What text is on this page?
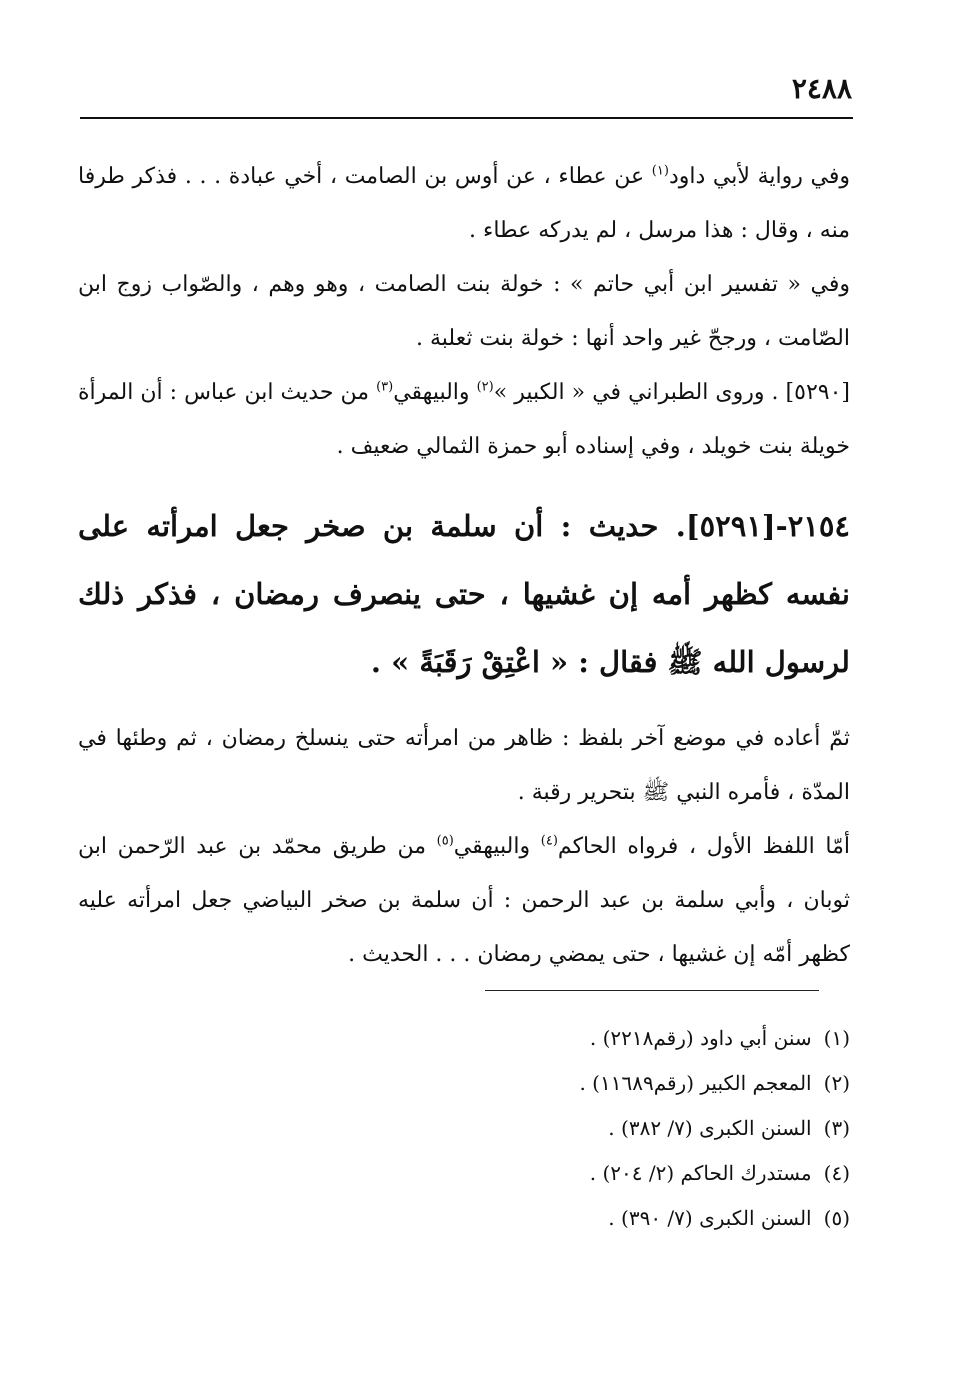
٢٤٨٨

وفي رواية لأبي داود$^{(١)}$ عن عطاء ، عن أوس بن الصامت ، أخي عبادة . . . فذكر طرفا منه ، وقال : هذا مرسل ، لم يدركه عطاء .

وفي « تفسير ابن أبي حاتم » : خولة بنت الصامت ، وهو وهم ، والصّواب زوج ابن الصّامت ، ورجحّ غير واحد أنها : خولة بنت ثعلبة .

[٥٢٩٠] . وروى الطبراني في « الكبير »$^{(٢)}$ والبيهقي$^{(٣)}$ من حديث ابن عباس : أن المرأة خويلة بنت خويلد ، وفي إسناده أبو حمزة الثمالي ضعيف .

٢١٥٤-[٥٢٩١]. حديث : أن سلمة بن صخر جعل امرأته على نفسه كظهر أمه إن غشيها ، حتى ينصرف رمضان ، فذكر ذلك لرسول الله ﷺ فقال : « اعْتِقْ رَقَبَةً » .

ثمّ أعاده في موضع آخر بلفظ : ظاهر من امرأته حتى ينسلخ رمضان ، ثم وطئها في المدّة ، فأمره النبي ﷺ بتحرير رقبة .

أمّا اللفظ الأول ، فرواه الحاكم$^{(٤)}$ والبيهقي$^{(٥)}$ من طريق محمّد بن عبد الرّحمن ابن ثوبان ، وأبي سلمة بن عبد الرحمن : أن سلمة بن صخر البياضي جعل امرأته عليه كظهر أمّه إن غشيها ، حتى يمضي رمضان . . . الحديث .

(١)سنن أبي داود (رقم٢٢١٨) .
(٢)المعجم الكبير (رقم١١٦٨٩) .
(٣)السنن الكبرى (٧/ ٣٨٢) .
(٤)مستدرك الحاكم (٢/ ٢٠٤) .
(٥)السنن الكبرى (٧/ ٣٩٠) .
